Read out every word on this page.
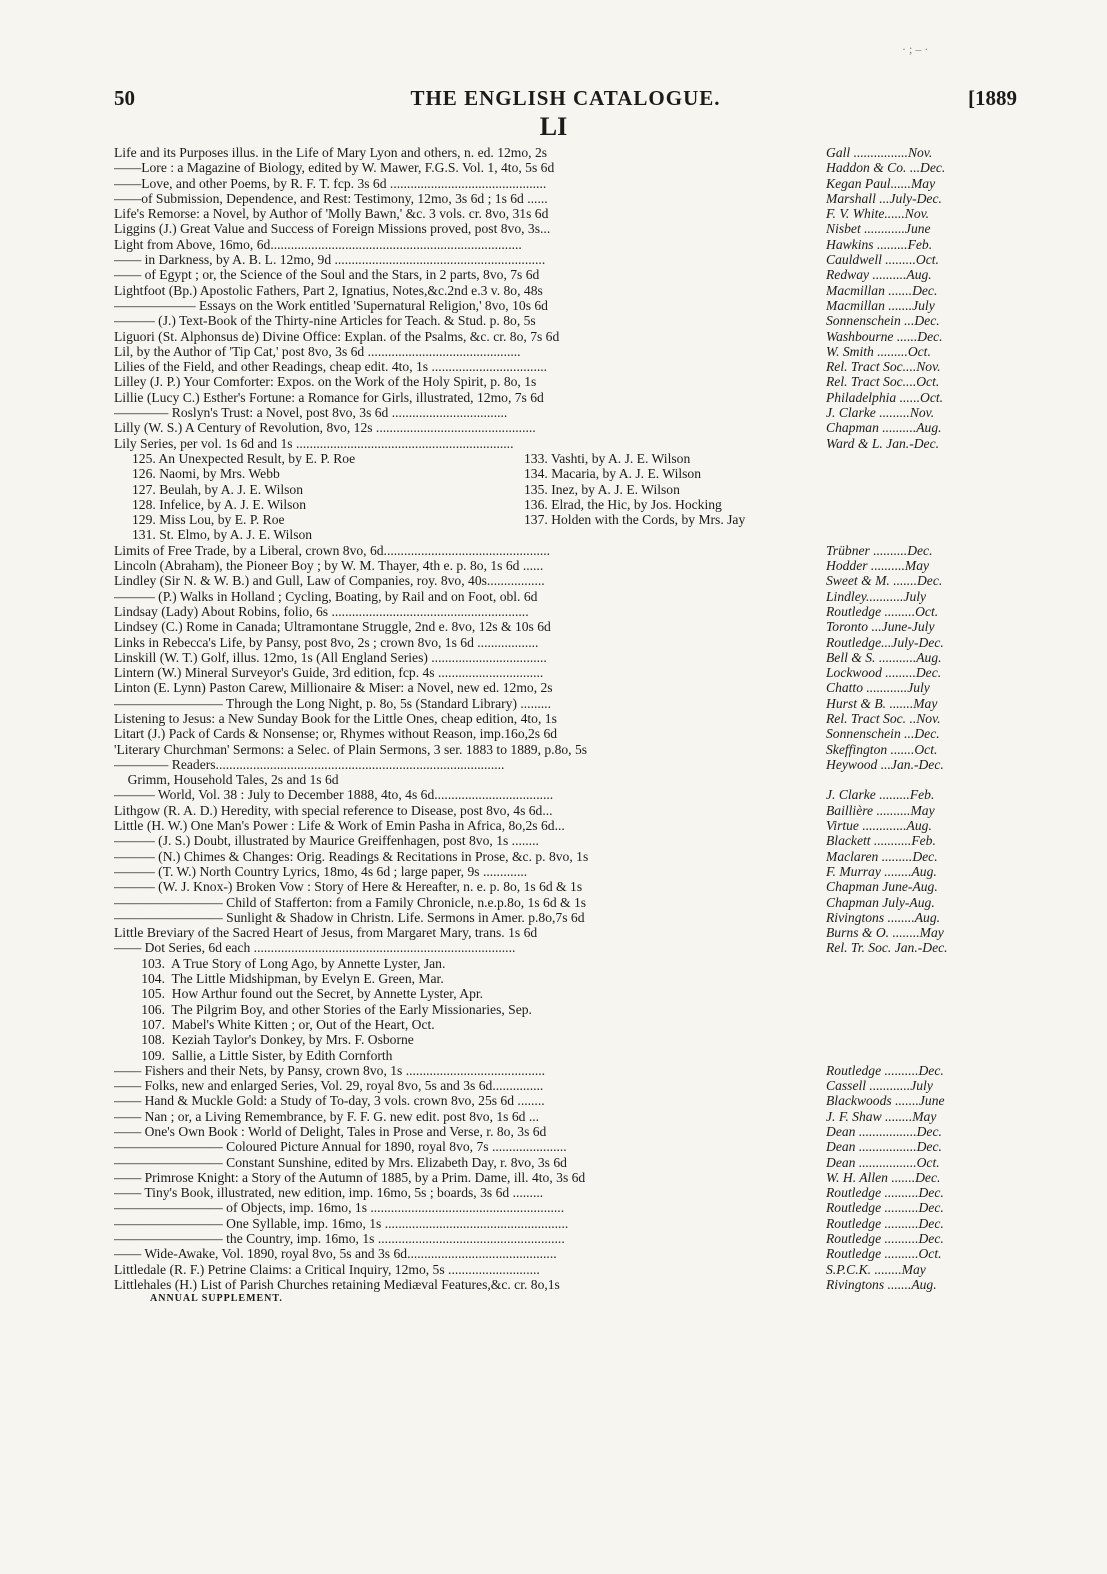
· ; – ·
50	THE ENGLISH CATALOGUE.	[1889
LI
Life and its Purposes illus. in the Life of Mary Lyon and others, n. ed. 12mo, 2s	Gall ................Nov.
——Lore : a Magazine of Biology, edited by W. Mawer, F.G.S. Vol. 1, 4to, 5s 6d	Haddon & Co. ...Dec.
——Love, and other Poems, by R. F. T. fcp. 3s 6d ..............................................	Kegan Paul......May
——of Submission, Dependence, and Rest: Testimony, 12mo, 3s 6d ; 1s 6d ......	Marshall ...July-Dec.
Life's Remorse: a Novel, by Author of 'Molly Bawn,' &c. 3 vols. cr. 8vo, 31s 6d	F. V. White......Nov.
Liggins (J.) Great Value and Success of Foreign Missions proved, post 8vo, 3s...	Nisbet ............June
Light from Above, 16mo, 6d..........................................................................	Hawkins .........Feb.
—— in Darkness, by A. B. L. 12mo, 9d ..............................................................	Cauldwell .........Oct.
—— of Egypt ; or, the Science of the Soul and the Stars, in 2 parts, 8vo, 7s 6d	Redway ..........Aug.
Lightfoot (Bp.) Apostolic Fathers, Part 2, Ignatius, Notes,&c.2nd e.3 v. 8o, 48s	Macmillan .......Dec.
—————— Essays on the Work entitled 'Supernatural Religion,' 8vo, 10s 6d	Macmillan .......July
——— (J.) Text-Book of the Thirty-nine Articles for Teach. & Stud. p. 8o, 5s	Sonnenschein ...Dec.
Liguori (St. Alphonsus de) Divine Office: Explan. of the Psalms, &c. cr. 8o, 7s 6d	Washbourne ......Dec.
Lil, by the Author of 'Tip Cat,' post 8vo, 3s 6d .............................................	W. Smith .........Oct.
Lilies of the Field, and other Readings, cheap edit. 4to, 1s ..................................	Rel. Tract Soc....Nov.
Lilley (J. P.) Your Comforter: Expos. on the Work of the Holy Spirit, p. 8o, 1s	Rel. Tract Soc....Oct.
Lillie (Lucy C.) Esther's Fortune: a Romance for Girls, illustrated, 12mo, 7s 6d	Philadelphia ......Oct.
———— Roslyn's Trust: a Novel, post 8vo, 3s 6d ..................................	J. Clarke .........Nov.
Lilly (W. S.) A Century of Revolution, 8vo, 12s ...............................................	Chapman ..........Aug.
Lily Series, per vol. 1s 6d and 1s ................................................................	Ward & L. Jan.-Dec.
125. An Unexpected Result, by E. P. Roe	133. Vashti, by A. J. E. Wilson
126. Naomi, by Mrs. Webb	134. Macaria, by A. J. E. Wilson
127. Beulah, by A. J. E. Wilson	135. Inez, by A. J. E. Wilson
128. Infelice, by A. J. E. Wilson	136. Elrad, the Hic, by Jos. Hocking
129. Miss Lou, by E. P. Roe	137. Holden with the Cords, by Mrs. Jay
131. St. Elmo, by A. J. E. Wilson
Limits of Free Trade, by a Liberal, crown 8vo, 6d.................................................	Trübner ..........Dec.
Lincoln (Abraham), the Pioneer Boy ; by W. M. Thayer, 4th e. p. 8o, 1s 6d ......	Hodder ..........May
Lindley (Sir N. & W. B.) and Gull, Law of Companies, roy. 8vo, 40s.................	Sweet & M. .......Dec.
——— (P.) Walks in Holland ; Cycling, Boating, by Rail and on Foot, obl. 6d	Lindley...........July
Lindsay (Lady) About Robins, folio, 6s ..........................................................	Routledge .........Oct.
Lindsey (C.) Rome in Canada; Ultramontane Struggle, 2nd e. 8vo, 12s & 10s 6d	Toronto ...June-July
Links in Rebecca's Life, by Pansy, post 8vo, 2s ; crown 8vo, 1s 6d ..................	Routledge...July-Dec.
Linskill (W. T.) Golf, illus. 12mo, 1s (All England Series) ..................................	Bell & S. ...........Aug.
Lintern (W.) Mineral Surveyor's Guide, 3rd edition, fcp. 4s ...............................	Lockwood .........Dec.
Linton (E. Lynn) Paston Carew, Millionaire & Miser: a Novel, new ed. 12mo, 2s	Chatto ............July
———————— Through the Long Night, p. 8o, 5s (Standard Library) .........	Hurst & B. .......May
Listening to Jesus: a New Sunday Book for the Little Ones, cheap edition, 4to, 1s	Rel. Tract Soc. ..Nov.
Litart (J.) Pack of Cards & Nonsense; or, Rhymes without Reason, imp.16o,2s 6d	Sonnenschein ...Dec.
'Literary Churchman' Sermons: a Selec. of Plain Sermons, 3 ser. 1883 to 1889, p.8o, 5s	Skeffington .......Oct.
———— Readers.....................................................................................	Heywood ...Jan.-Dec.
Grimm, Household Tales, 2s and 1s 6d
——— World, Vol. 38 : July to December 1888, 4to, 4s 6d...................................	J. Clarke .........Feb.
Lithgow (R. A. D.) Heredity, with special reference to Disease, post 8vo, 4s 6d...	Baillière ..........May
Little (H. W.) One Man's Power : Life & Work of Emin Pasha in Africa, 8o,2s 6d...	Virtue .............Aug.
——— (J. S.) Doubt, illustrated by Maurice Greiffenhagen, post 8vo, 1s ........	Blackett ...........Feb.
——— (N.) Chimes & Changes: Orig. Readings & Recitations in Prose, &c. p. 8vo, 1s	Maclaren .........Dec.
——— (T. W.) North Country Lyrics, 18mo, 4s 6d ; large paper, 9s .............	F. Murray ........Aug.
——— (W. J. Knox-) Broken Vow : Story of Here & Hereafter, n. e. p. 8o, 1s 6d & 1s	Chapman June-Aug.
———————— Child of Stafferton: from a Family Chronicle, n.e.p.8o, 1s 6d & 1s	Chapman July-Aug.
———————— Sunlight & Shadow in Christn. Life. Sermons in Amer. p.8o,7s 6d	Rivingtons ........Aug.
Little Breviary of the Sacred Heart of Jesus, from Margaret Mary, trans. 1s 6d	Burns & O. ........May
—— Dot Series, 6d each .............................................................................	Rel. Tr. Soc. Jan.-Dec.
103.  A True Story of Long Ago, by Annette Lyster, Jan.
104.  The Little Midshipman, by Evelyn E. Green, Mar.
105.  How Arthur found out the Secret, by Annette Lyster, Apr.
106.  The Pilgrim Boy, and other Stories of the Early Missionaries, Sep.
107.  Mabel's White Kitten ; or, Out of the Heart, Oct.
108.  Keziah Taylor's Donkey, by Mrs. F. Osborne
109.  Sallie, a Little Sister, by Edith Cornforth
—— Fishers and their Nets, by Pansy, crown 8vo, 1s .........................................	Routledge ..........Dec.
—— Folks, new and enlarged Series, Vol. 29, royal 8vo, 5s and 3s 6d...............	Cassell ............July
—— Hand & Muckle Gold: a Study of To-day, 3 vols. crown 8vo, 25s 6d ........	Blackwoods .......June
—— Nan ; or, a Living Remembrance, by F. F. G. new edit. post 8vo, 1s 6d ...	J. F. Shaw ........May
—— One's Own Book : World of Delight, Tales in Prose and Verse, r. 8o, 3s 6d	Dean .................Dec.
———————— Coloured Picture Annual for 1890, royal 8vo, 7s ......................	Dean .................Dec.
———————— Constant Sunshine, edited by Mrs. Elizabeth Day, r. 8vo, 3s 6d	Dean .................Oct.
—— Primrose Knight: a Story of the Autumn of 1885, by a Prim. Dame, ill. 4to, 3s 6d	W. H. Allen .......Dec.
—— Tiny's Book, illustrated, new edition, imp. 16mo, 5s ; boards, 3s 6d .........	Routledge ..........Dec.
———————— of Objects, imp. 16mo, 1s .........................................................	Routledge ..........Dec.
———————— One Syllable, imp. 16mo, 1s ......................................................	Routledge ..........Dec.
———————— the Country, imp. 16mo, 1s .......................................................	Routledge ..........Dec.
—— Wide-Awake, Vol. 1890, royal 8vo, 5s and 3s 6d............................................	Routledge ..........Oct.
Littledale (R. F.) Petrine Claims: a Critical Inquiry, 12mo, 5s ...........................	S.P.C.K. ........May
Littlehales (H.) List of Parish Churches retaining Mediæval Features,&c. cr. 8o,1s	Rivingtons .......Aug.
ANNUAL SUPPLEMENT.
